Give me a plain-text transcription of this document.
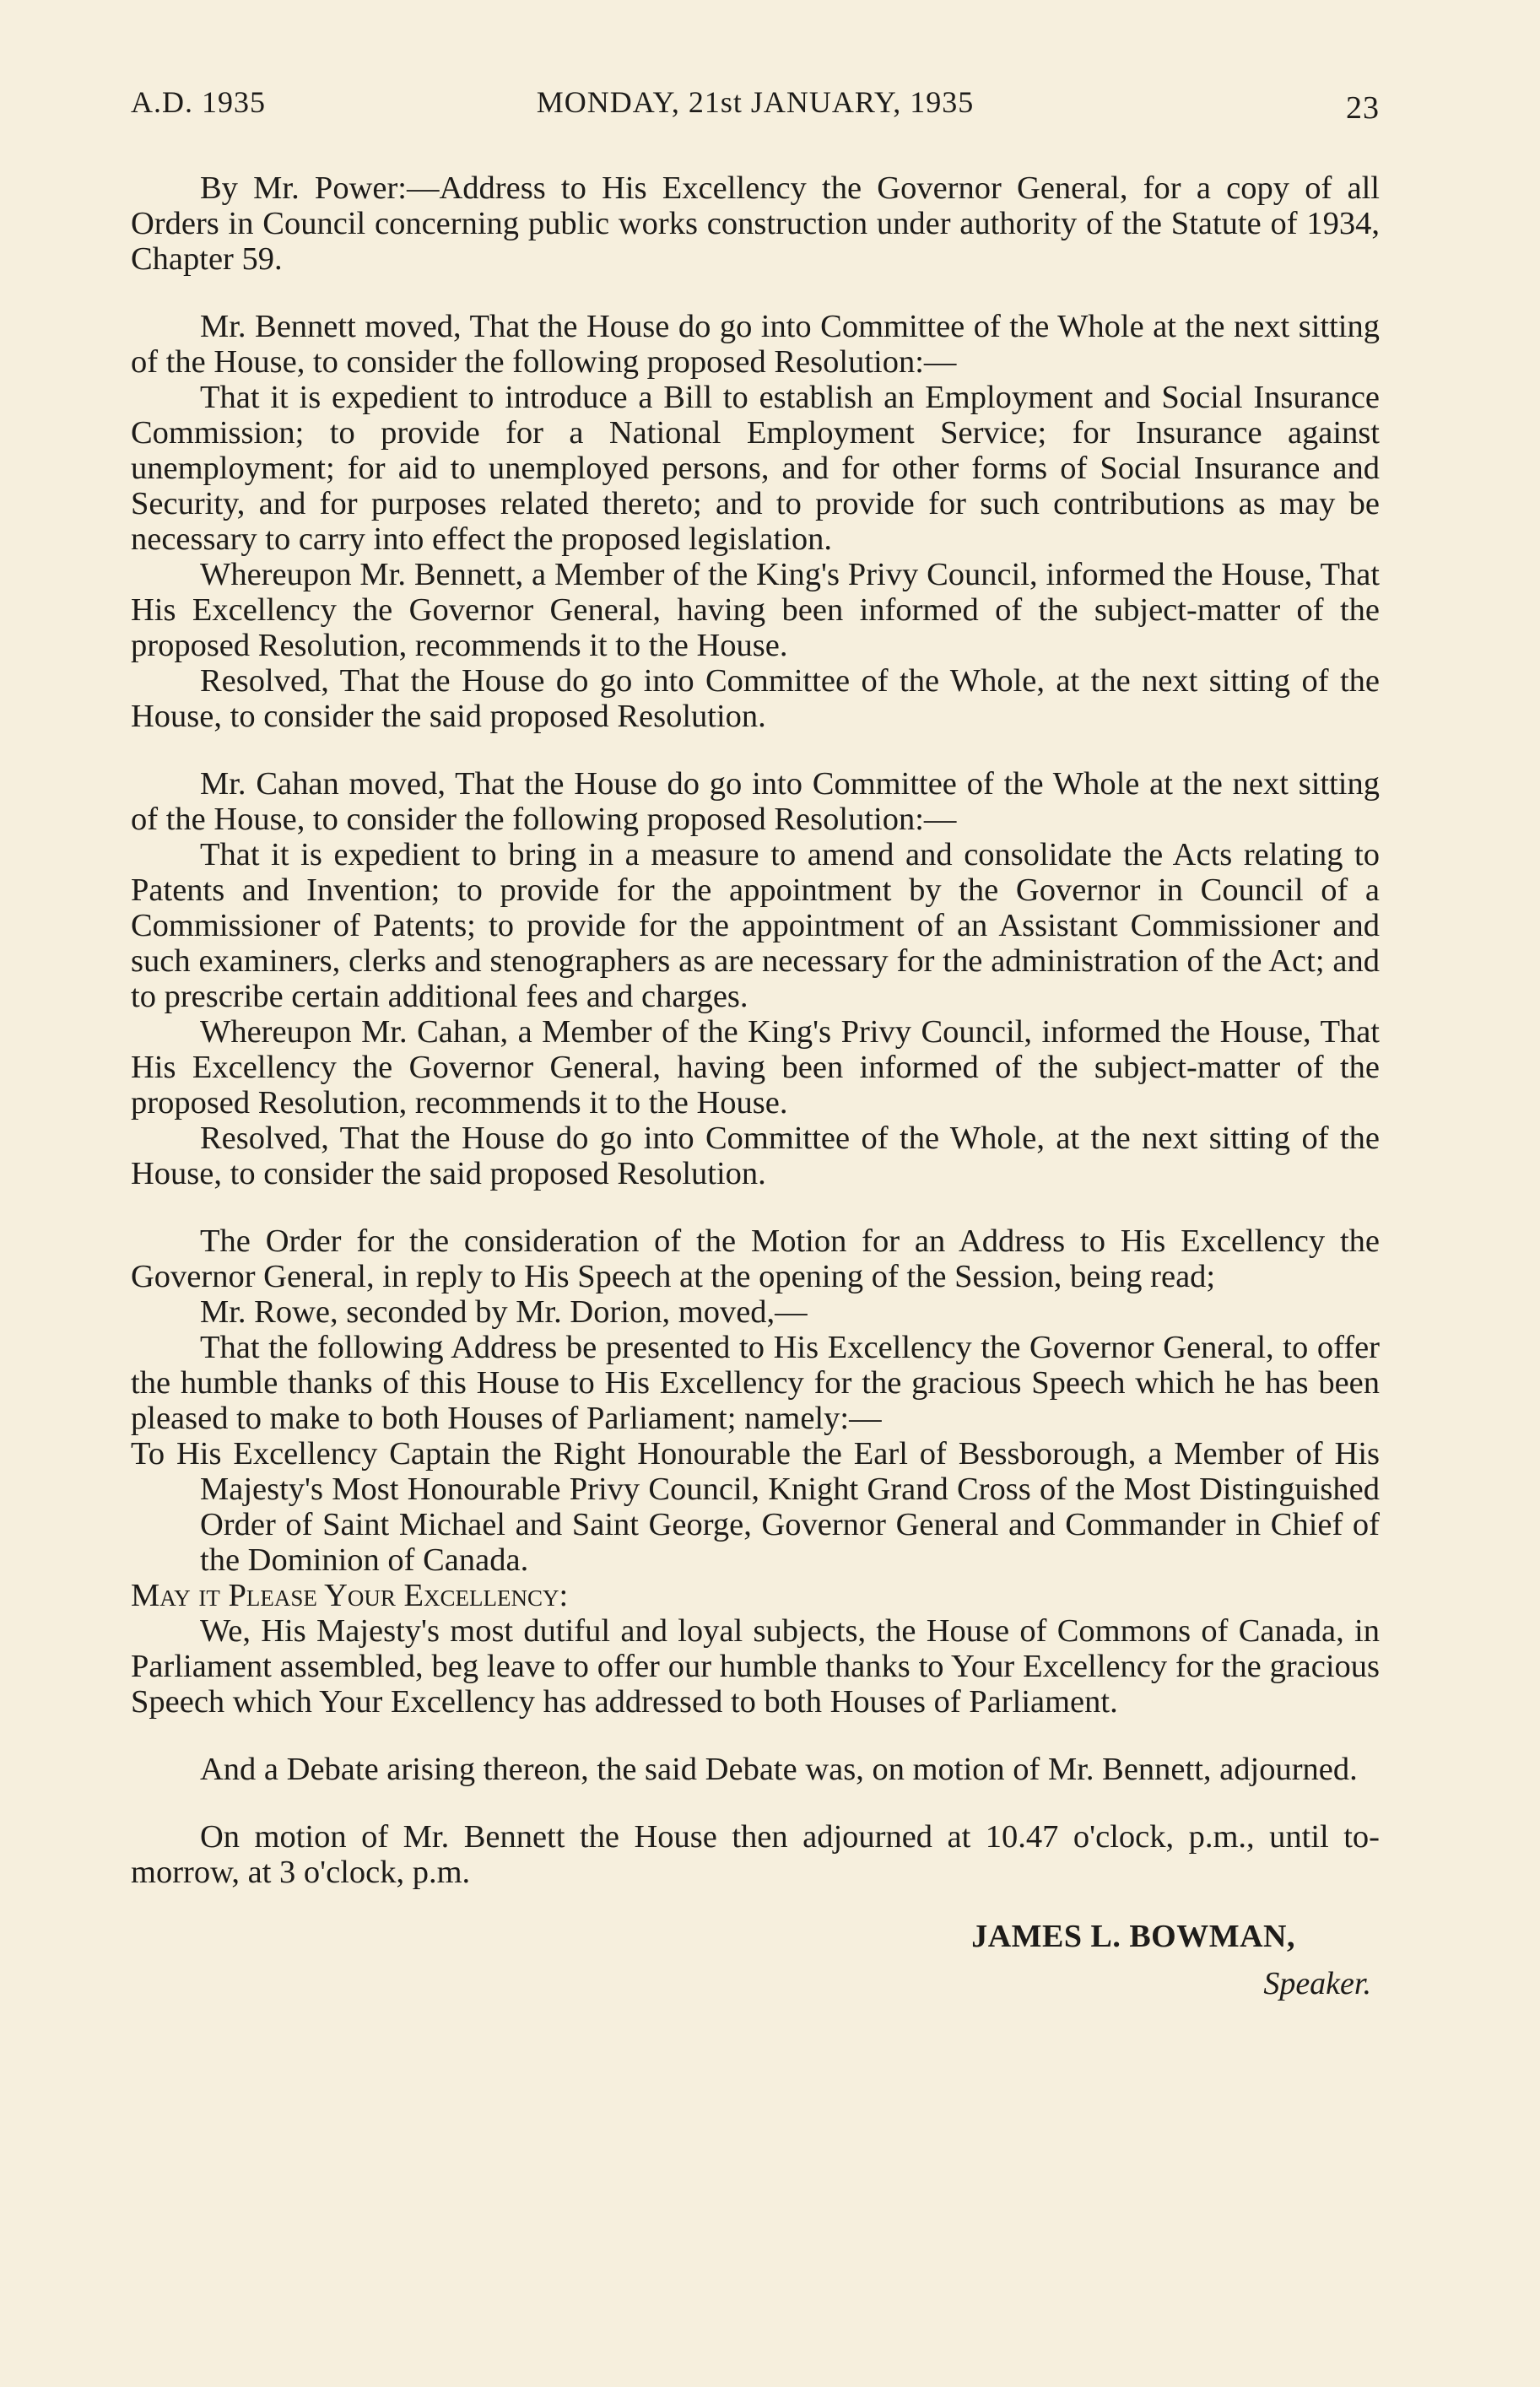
A.D. 1935	MONDAY, 21st JANUARY, 1935	23

By Mr. Power:—Address to His Excellency the Governor General, for a copy of all Orders in Council concerning public works construction under authority of the Statute of 1934, Chapter 59.

Mr. Bennett moved, That the House do go into Committee of the Whole at the next sitting of the House, to consider the following proposed Resolution:—

That it is expedient to introduce a Bill to establish an Employment and Social Insurance Commission; to provide for a National Employment Service; for Insurance against unemployment; for aid to unemployed persons, and for other forms of Social Insurance and Security, and for purposes related thereto; and to provide for such contributions as may be necessary to carry into effect the proposed legislation.

Whereupon Mr. Bennett, a Member of the King's Privy Council, informed the House, That His Excellency the Governor General, having been informed of the subject-matter of the proposed Resolution, recommends it to the House.

Resolved, That the House do go into Committee of the Whole, at the next sitting of the House, to consider the said proposed Resolution.

Mr. Cahan moved, That the House do go into Committee of the Whole at the next sitting of the House, to consider the following proposed Resolution:—

That it is expedient to bring in a measure to amend and consolidate the Acts relating to Patents and Invention; to provide for the appointment by the Governor in Council of a Commissioner of Patents; to provide for the appointment of an Assistant Commissioner and such examiners, clerks and stenographers as are necessary for the administration of the Act; and to prescribe certain additional fees and charges.

Whereupon Mr. Cahan, a Member of the King's Privy Council, informed the House, That His Excellency the Governor General, having been informed of the subject-matter of the proposed Resolution, recommends it to the House.

Resolved, That the House do go into Committee of the Whole, at the next sitting of the House, to consider the said proposed Resolution.

The Order for the consideration of the Motion for an Address to His Excellency the Governor General, in reply to His Speech at the opening of the Session, being read;

Mr. Rowe, seconded by Mr. Dorion, moved,—

That the following Address be presented to His Excellency the Governor General, to offer the humble thanks of this House to His Excellency for the gracious Speech which he has been pleased to make to both Houses of Parliament; namely:—

To His Excellency Captain the Right Honourable the Earl of Bessborough, a Member of His Majesty's Most Honourable Privy Council, Knight Grand Cross of the Most Distinguished Order of Saint Michael and Saint George, Governor General and Commander in Chief of the Dominion of Canada.

May it Please Your Excellency:

We, His Majesty's most dutiful and loyal subjects, the House of Commons of Canada, in Parliament assembled, beg leave to offer our humble thanks to Your Excellency for the gracious Speech which Your Excellency has addressed to both Houses of Parliament.

And a Debate arising thereon, the said Debate was, on motion of Mr. Bennett, adjourned.

On motion of Mr. Bennett the House then adjourned at 10.47 o'clock, p.m., until to-morrow, at 3 o'clock, p.m.

JAMES L. BOWMAN,
Speaker.
